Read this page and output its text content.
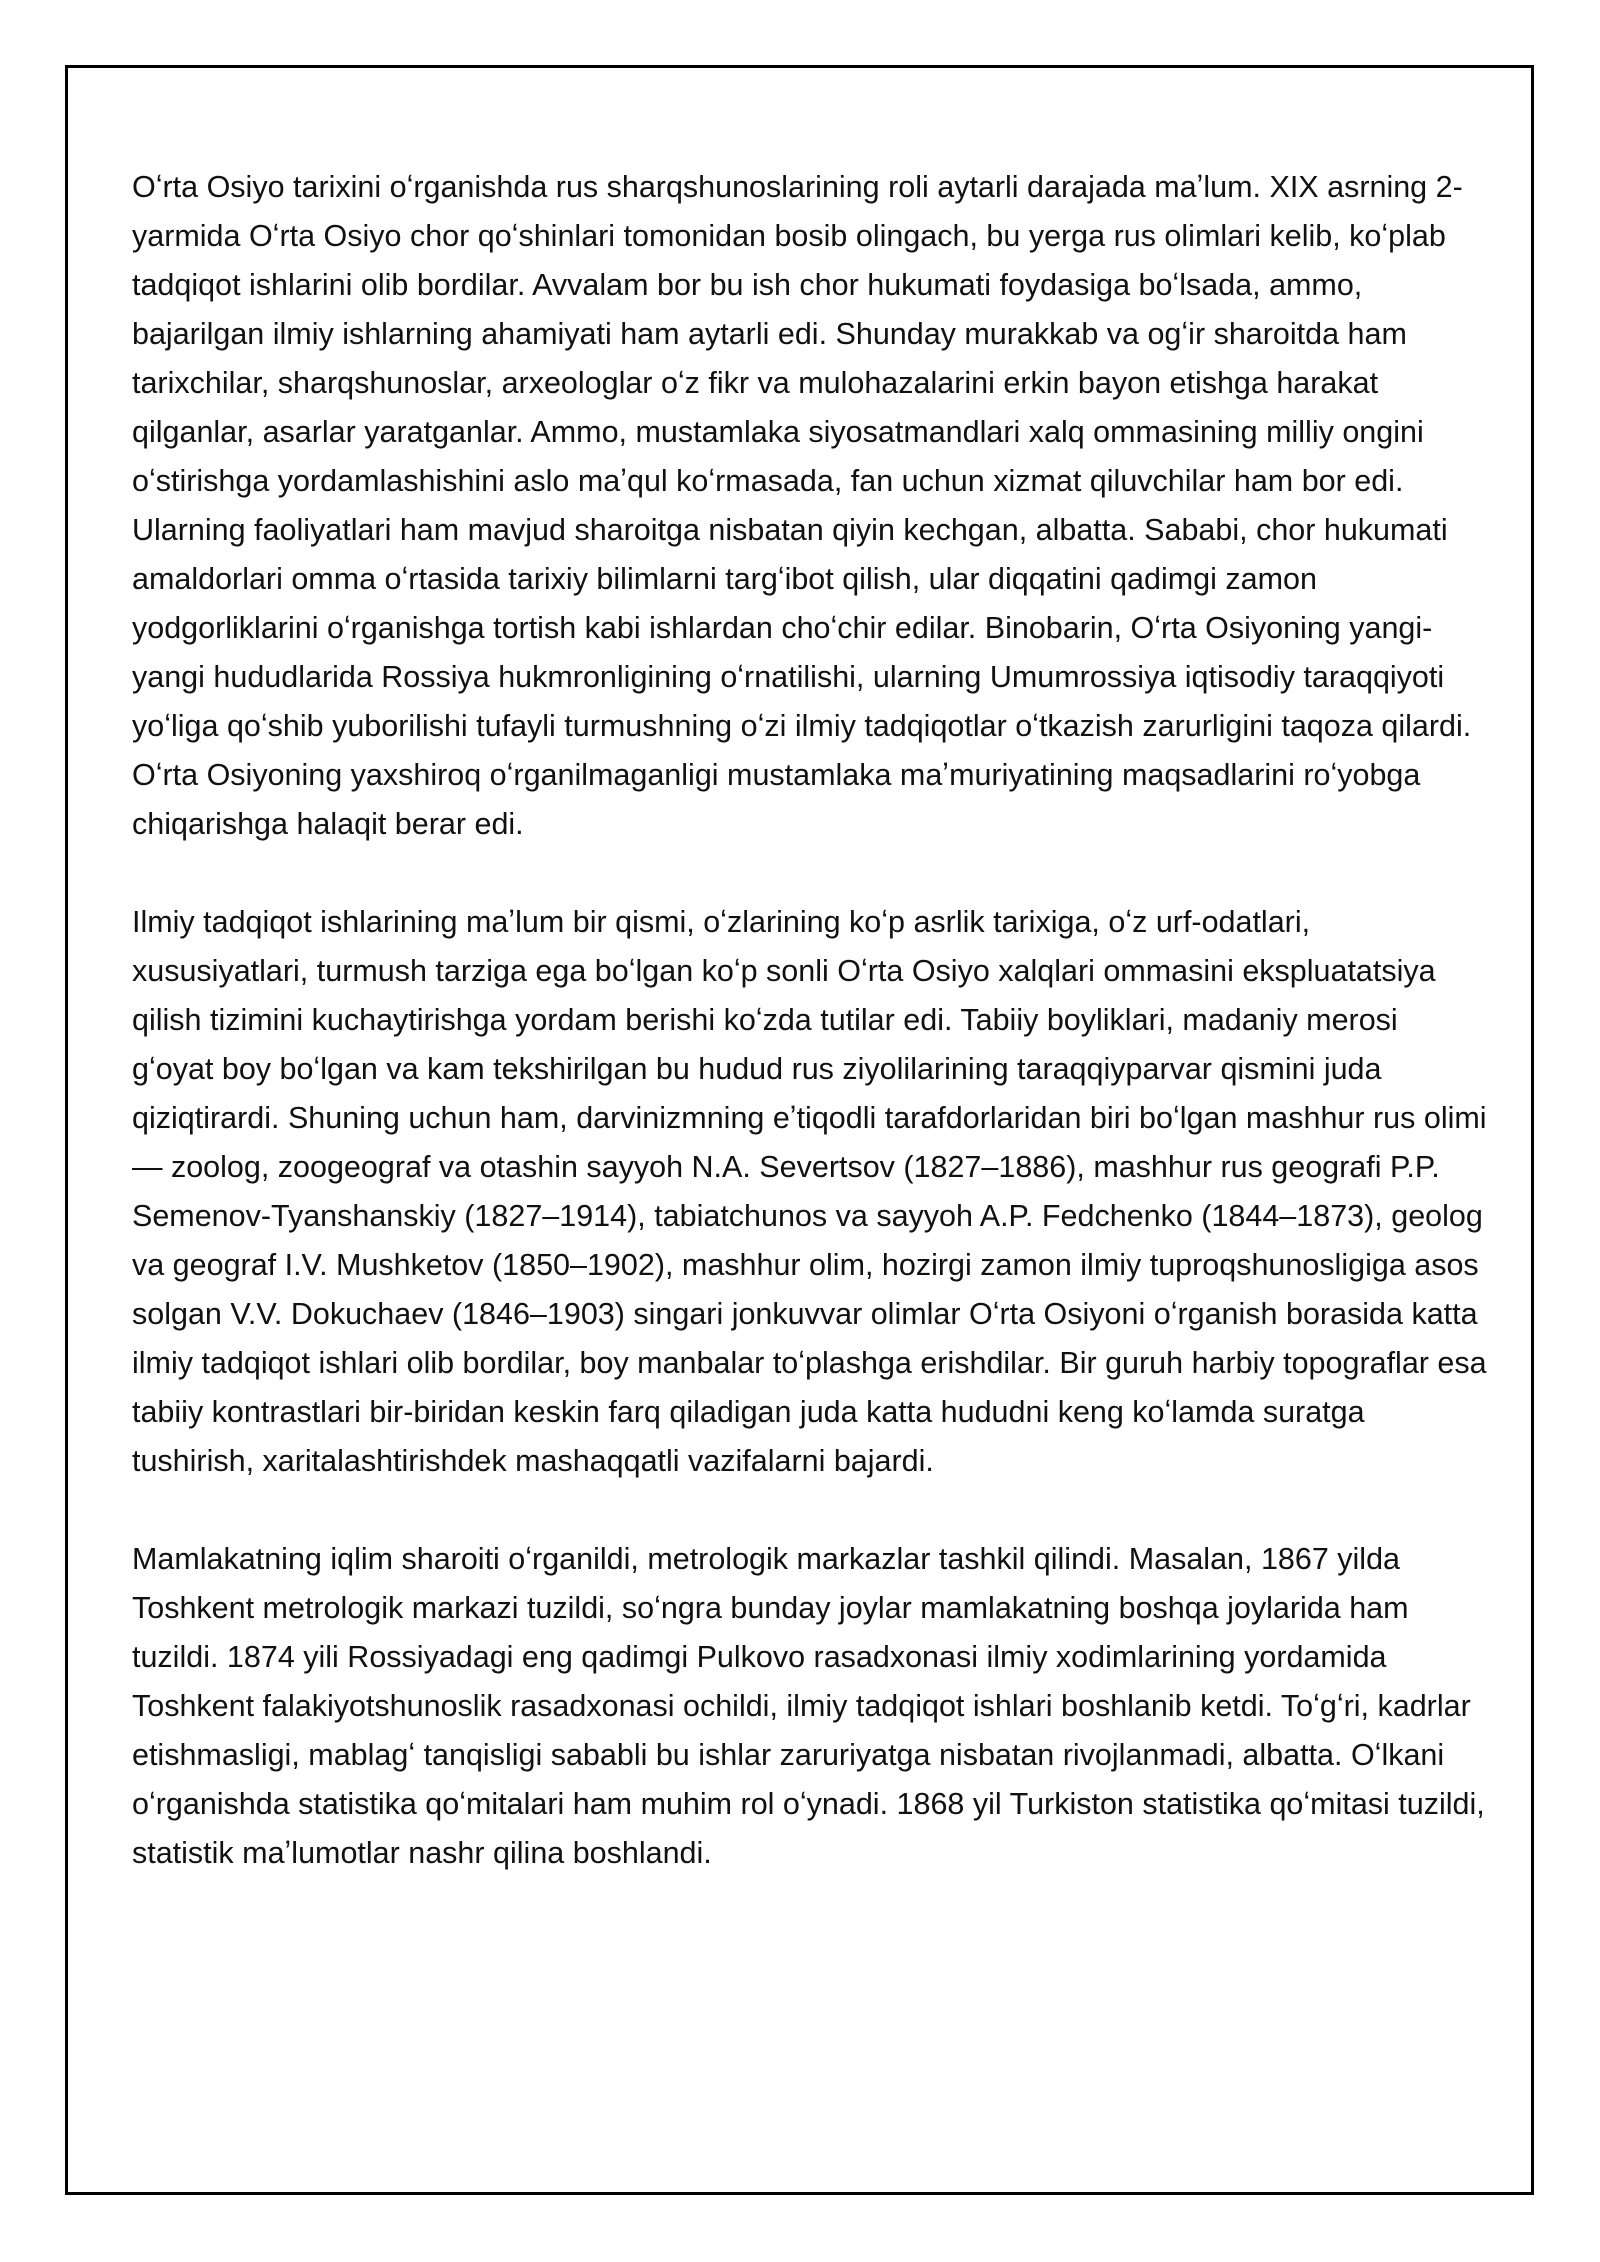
Oʻrta Osiyo tarixini oʻrganishda rus sharqshunoslarining roli aytarli darajada maʼlum. XIX asrning 2-yarmida Oʻrta Osiyo chor qoʻshinlari tomonidan bosib olingach, bu yerga rus olimlari kelib, koʻplab tadqiqot ishlarini olib bordilar. Avvalam bor bu ish chor hukumati foydasiga boʻlsada, ammo, bajarilgan ilmiy ishlarning ahamiyati ham aytarli edi. Shunday murakkab va ogʻir sharoitda ham tarixchilar, sharqshunoslar, arxeologlar oʻz fikr va mulohazalarini erkin bayon etishga harakat qilganlar, asarlar yaratganlar. Ammo, mustamlaka siyosatmandlari xalq ommasining milliy ongini oʻstirishga yordamlashishini aslo maʼqul koʻrmasada, fan uchun xizmat qiluvchilar ham bor edi. Ularning faoliyatlari ham mavjud sharoitga nisbatan qiyin kechgan, albatta. Sababi, chor hukumati amaldorlari omma oʻrtasida tarixiy bilimlarni targʻibot qilish, ular diqqatini qadimgi zamon yodgorliklarini oʻrganishga tortish kabi ishlardan choʻchir edilar. Binobarin, Oʻrta Osiyoning yangi-yangi hududlarida Rossiya hukmronligining oʻrnatilishi, ularning Umumrossiya iqtisodiy taraqqiyoti yoʻliga qoʻshib yuborilishi tufayli turmushning oʻzi ilmiy tadqiqotlar oʻtkazish zarurligini taqoza qilardi. Oʻrta Osiyoning yaxshiroq oʻrganilmaganligi mustamlaka maʼmuriyatining maqsadlarini roʻyobga chiqarishga halaqit berar edi.

Ilmiy tadqiqot ishlarining maʼlum bir qismi, oʻzlarining koʻp asrlik tarixiga, oʻz urf-odatlari, xususiyatlari, turmush tarziga ega boʻlgan koʻp sonli Oʻrta Osiyo xalqlari ommasini ekspluatatsiya qilish tizimini kuchaytirishga yordam berishi koʻzda tutilar edi. Tabiiy boyliklari, madaniy merosi gʻoyat boy boʻlgan va kam tekshirilgan bu hudud rus ziyolilarining taraqqiyparvar qismini juda qiziqtirardi. Shuning uchun ham, darvinizmning eʼtiqodli tarafdorlaridan biri boʻlgan mashhur rus olimi — zoolog, zoogeograf va otashin sayyoh N.A. Severtsov (1827–1886), mashhur rus geografi P.P. Semenov-Tyanshanskiy (1827–1914), tabiatchunos va sayyoh A.P. Fedchenko (1844–1873), geolog va geograf I.V. Mushketov (1850–1902), mashhur olim, hozirgi zamon ilmiy tuproqshunosligiga asos solgan V.V. Dokuchaev (1846–1903) singari jonkuvvar olimlar Oʻrta Osiyoni oʻrganish borasida katta ilmiy tadqiqot ishlari olib bordilar, boy manbalar toʻplashga erishdilar. Bir guruh harbiy topograflar esa tabiiy kontrastlari bir-biridan keskin farq qiladigan juda katta hududni keng koʻlamda suratga tushirish, xaritalashtirishdek mashaqqatli vazifalarni bajardi.

Mamlakatning iqlim sharoiti oʻrganildi, metrologik markazlar tashkil qilindi. Masalan, 1867 yilda Toshkent metrologik markazi tuzildi, soʻngra bunday joylar mamlakatning boshqa joylarida ham tuzildi. 1874 yili Rossiyadagi eng qadimgi Pulkovo rasadxonasi ilmiy xodimlarining yordamida Toshkent falakiyotshunoslik rasadxonasi ochildi, ilmiy tadqiqot ishlari boshlanib ketdi. Toʻgʻri, kadrlar etishmasligi, mablagʻ tanqisligi sababli bu ishlar zaruriyatga nisbatan rivojlanmadi, albatta. Oʻlkani oʻrganishda statistika qoʻmitalari ham muhim rol oʻynadi. 1868 yil Turkiston statistika qoʻmitasi tuzildi, statistik maʼlumotlar nashr qilina boshlandi.
